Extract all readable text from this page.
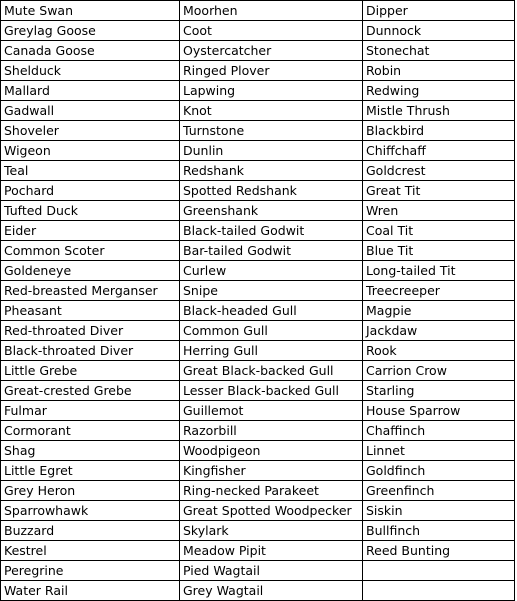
Mute Swan	Moorhen	Dipper
Greylag Goose	Coot	Dunnock
Canada Goose	Oystercatcher	Stonechat
Shelduck	Ringed Plover	Robin
Mallard	Lapwing	Redwing
Gadwall	Knot	Mistle Thrush
Shoveler	Turnstone	Blackbird
Wigeon	Dunlin	Chiffchaff
Teal	Redshank	Goldcrest
Pochard	Spotted Redshank	Great Tit
Tufted Duck	Greenshank	Wren
Eider	Black-tailed Godwit	Coal Tit
Common Scoter	Bar-tailed Godwit	Blue Tit
Goldeneye	Curlew	Long-tailed Tit
Red-breasted Merganser	Snipe	Treecreeper
Pheasant	Black-headed Gull	Magpie
Red-throated Diver	Common Gull	Jackdaw
Black-throated Diver	Herring Gull	Rook
Little Grebe	Great Black-backed Gull	Carrion Crow
Great-crested Grebe	Lesser Black-backed Gull	Starling
Fulmar	Guillemot	House Sparrow
Cormorant	Razorbill	Chaffinch
Shag	Woodpigeon	Linnet
Little Egret	Kingfisher	Goldfinch
Grey Heron	Ring-necked Parakeet	Greenfinch
Sparrowhawk	Great Spotted Woodpecker	Siskin
Buzzard	Skylark	Bullfinch
Kestrel	Meadow Pipit	Reed Bunting
Peregrine	Pied Wagtail	
Water Rail	Grey Wagtail	
